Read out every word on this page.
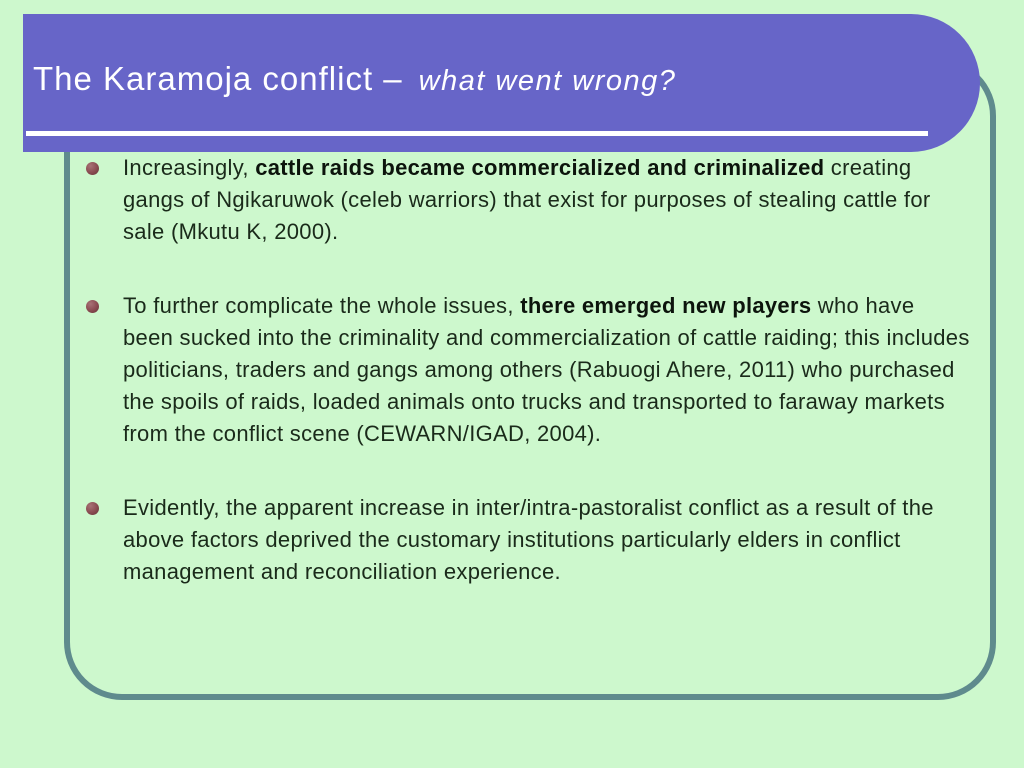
The Karamoja conflict – what went wrong?
Increasingly, cattle raids became commercialized and criminalized creating gangs of Ngikaruwok (celeb warriors) that exist for purposes of stealing cattle for sale (Mkutu K, 2000).
To further complicate the whole issues, there emerged new players who have been sucked into the criminality and commercialization of cattle raiding; this includes politicians, traders and gangs among others (Rabuogi Ahere, 2011) who purchased the spoils of raids, loaded animals onto trucks and transported to faraway markets from the conflict scene (CEWARN/IGAD, 2004).
Evidently, the apparent increase in inter/intra-pastoralist conflict as a result of the above factors deprived the customary institutions particularly elders in conflict management and reconciliation experience.
